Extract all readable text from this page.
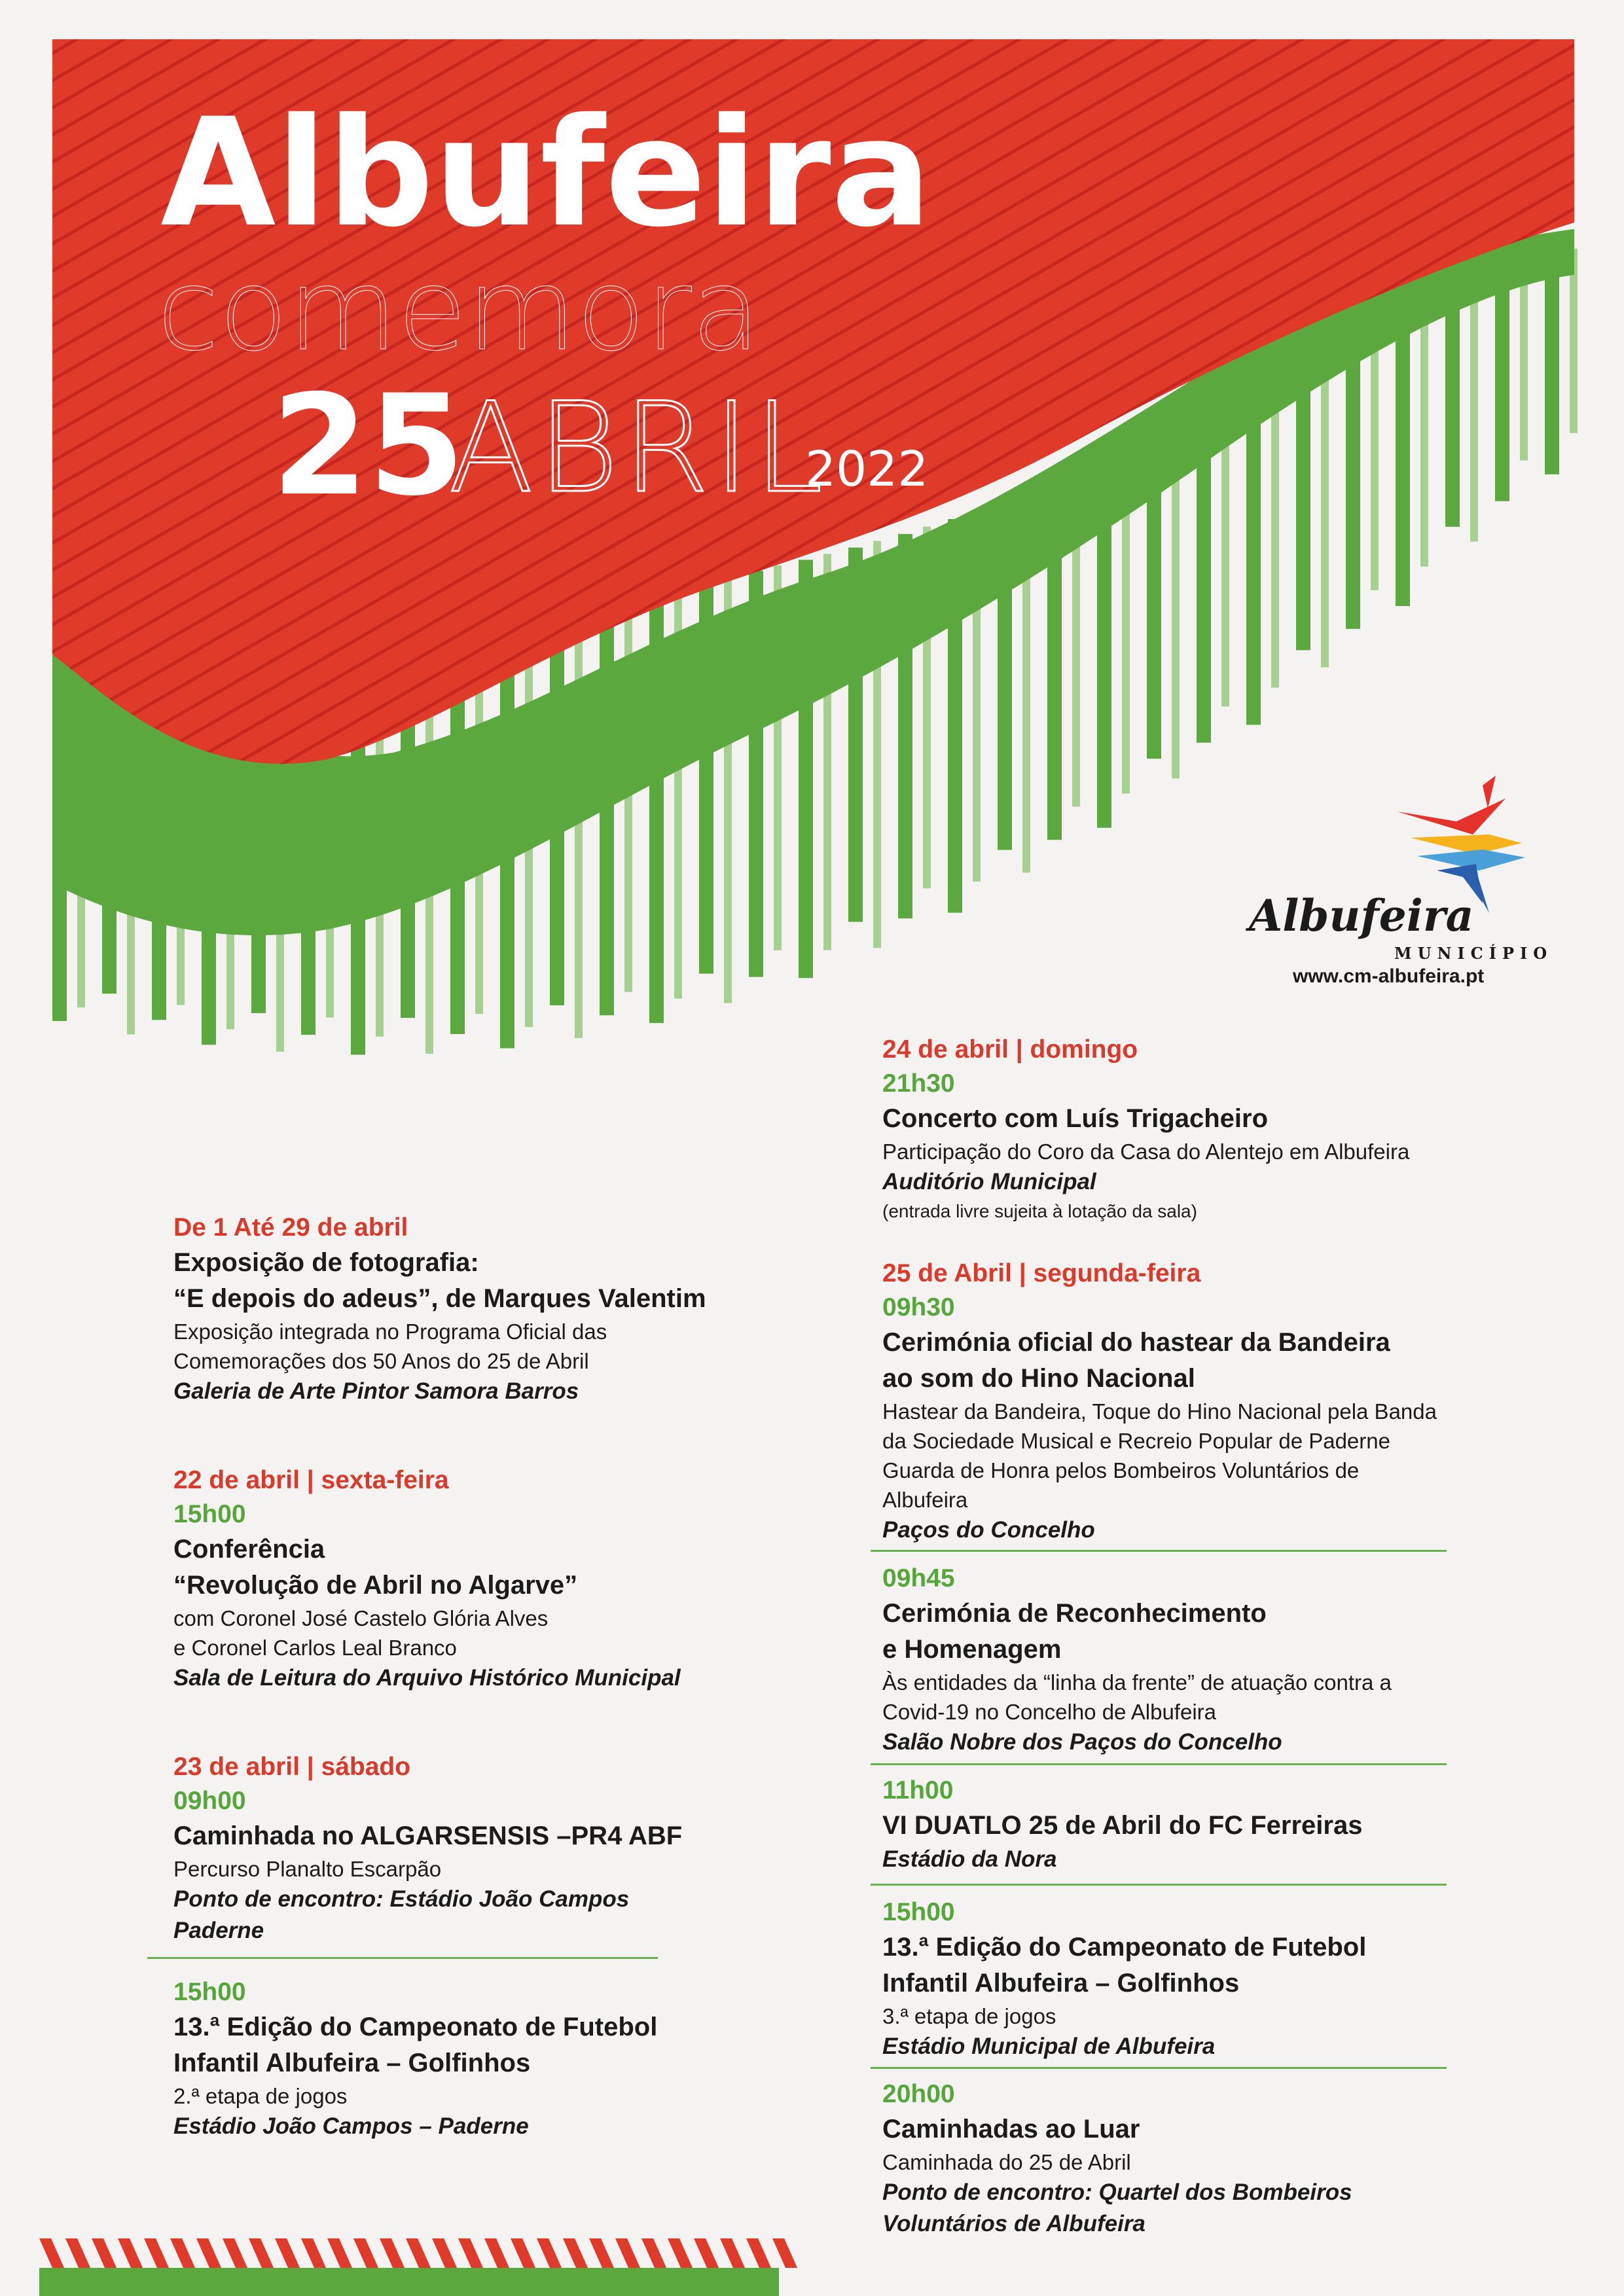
Albufeira

comemora

25

ABRIL

2022

Albufeira

MUNICÍPIO

www.cm-albufeira.pt

De 1 Até 29 de abril

Exposição de fotografia:

“E depois do adeus”, de Marques Valentim

Exposição integrada no Programa Oficial das

Comemorações dos 50 Anos do 25 de Abril

Galeria de Arte Pintor Samora Barros

22 de abril | sexta-feira

15h00

Conferência

“Revolução de Abril no Algarve”

com Coronel José Castelo Glória Alves

e Coronel Carlos Leal Branco

Sala de Leitura do Arquivo Histórico Municipal

23 de abril | sábado

09h00

Caminhada no ALGARSENSIS –PR4 ABF

Percurso Planalto Escarpão

Ponto de encontro: Estádio João Campos

Paderne

15h00

13.ª Edição do Campeonato de Futebol

Infantil Albufeira – Golfinhos

2.ª etapa de jogos

Estádio João Campos – Paderne

24 de abril | domingo

21h30

Concerto com Luís Trigacheiro

Participação do Coro da Casa do Alentejo em Albufeira

Auditório Municipal

(entrada livre sujeita à lotação da sala)

25 de Abril | segunda-feira

09h30

Cerimónia oficial do hastear da Bandeira

ao som do Hino Nacional

Hastear da Bandeira, Toque do Hino Nacional pela Banda

da Sociedade Musical e Recreio Popular de Paderne

Guarda de Honra pelos Bombeiros Voluntários de

Albufeira

Paços do Concelho

09h45

Cerimónia de Reconhecimento

e Homenagem

Às entidades da “linha da frente” de atuação contra a

Covid-19 no Concelho de Albufeira

Salão Nobre dos Paços do Concelho

11h00

VI DUATLO 25 de Abril do FC Ferreiras

Estádio da Nora

15h00

13.ª Edição do Campeonato de Futebol

Infantil Albufeira – Golfinhos

3.ª etapa de jogos

Estádio Municipal de Albufeira

20h00

Caminhadas ao Luar

Caminhada do 25 de Abril

Ponto de encontro: Quartel dos Bombeiros

Voluntários de Albufeira
